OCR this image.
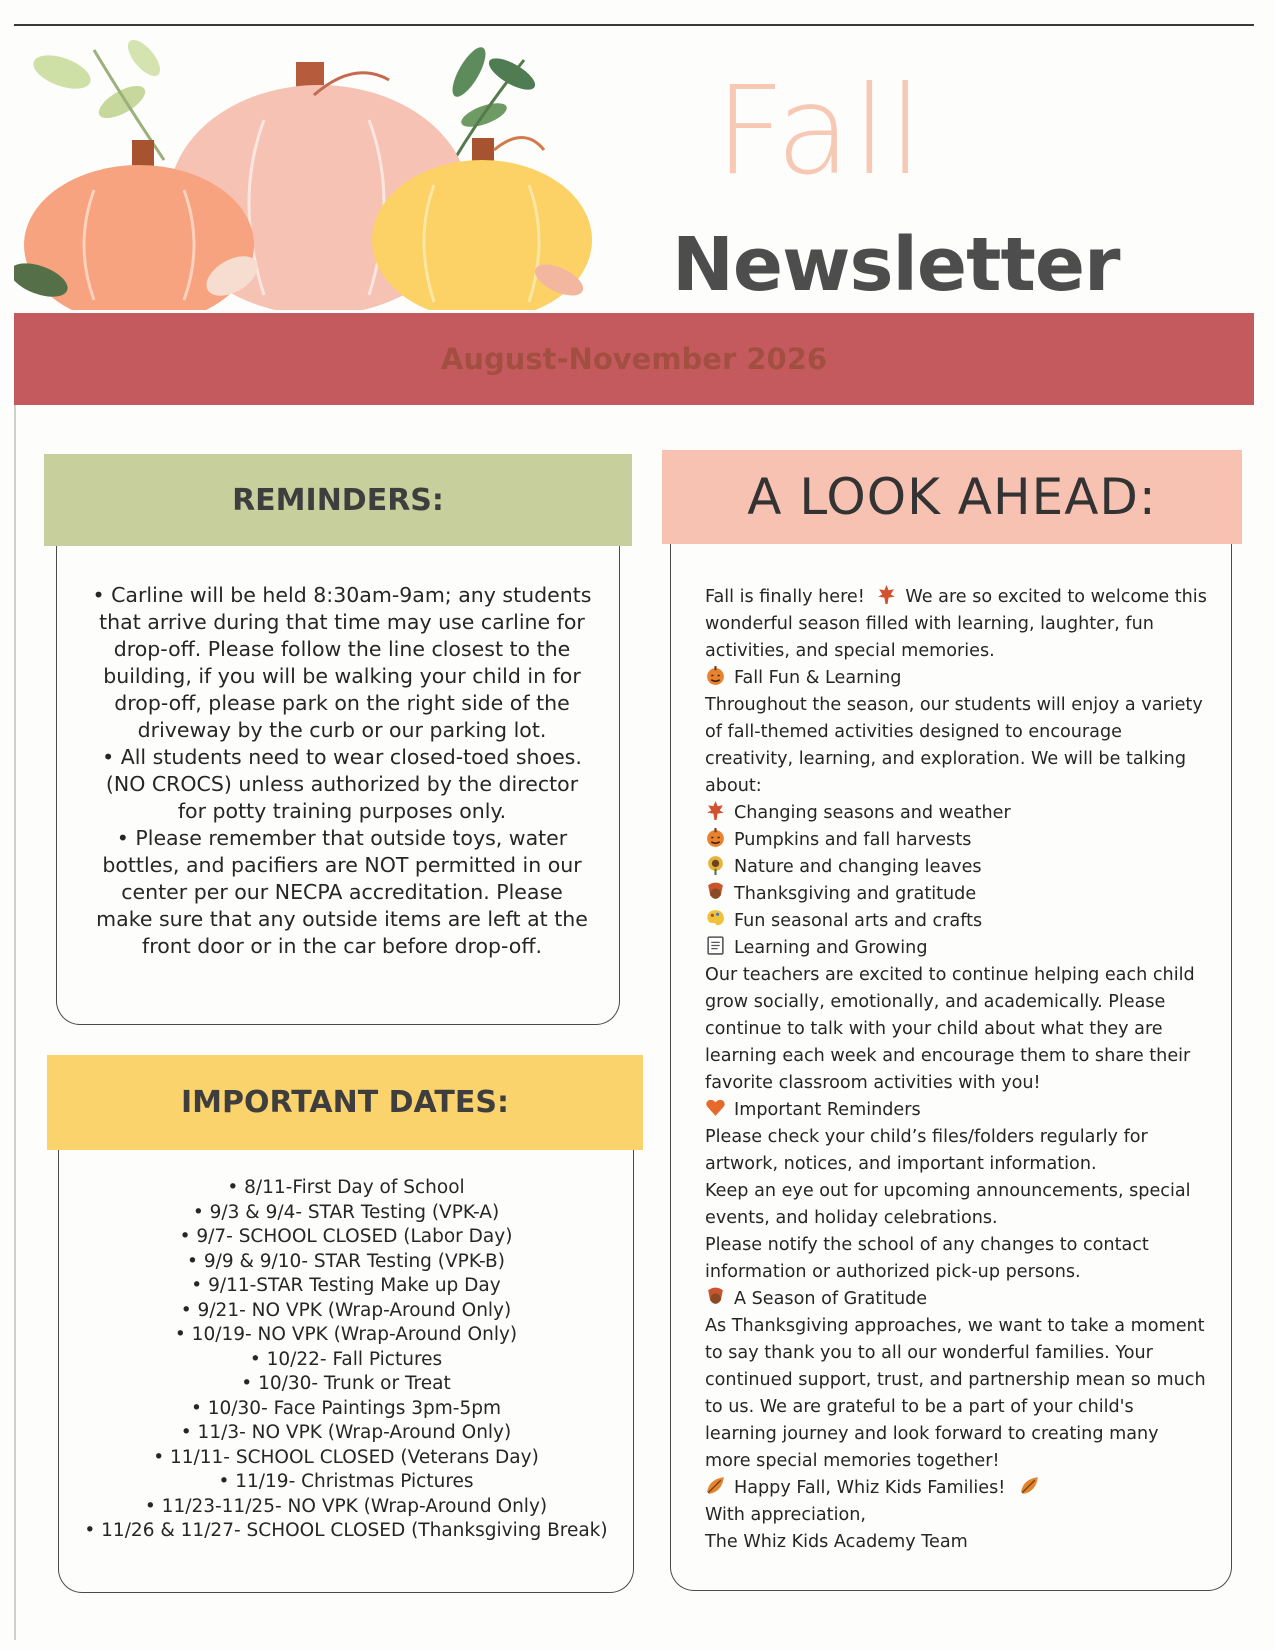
Fall
Newsletter
August-November 2026
REMINDERS:
• Carline will be held 8:30am-9am; any students that arrive during that time may use carline for drop-off. Please follow the line closest to the building, if you will be walking your child in for drop-off, please park on the right side of the driveway by the curb or our parking lot.
• All students need to wear closed-toed shoes. (NO CROCS) unless authorized by the director for potty training purposes only.
• Please remember that outside toys, water bottles, and pacifiers are NOT permitted in our center per our NECPA accreditation. Please make sure that any outside items are left at the front door or in the car before drop-off.
IMPORTANT DATES:
• 8/11-First Day of School
• 9/3 & 9/4- STAR Testing (VPK-A)
• 9/7- SCHOOL CLOSED (Labor Day)
• 9/9 & 9/10- STAR Testing (VPK-B)
• 9/11-STAR Testing Make up Day
• 9/21- NO VPK (Wrap-Around Only)
• 10/19- NO VPK (Wrap-Around Only)
• 10/22- Fall Pictures
• 10/30- Trunk or Treat
• 10/30- Face Paintings 3pm-5pm
• 11/3- NO VPK (Wrap-Around Only)
• 11/11- SCHOOL CLOSED (Veterans Day)
• 11/19- Christmas Pictures
• 11/23-11/25- NO VPK (Wrap-Around Only)
• 11/26 & 11/27- SCHOOL CLOSED (Thanksgiving Break)
A LOOK AHEAD:

Fall is finally here! We are so excited to welcome this wonderful season filled with learning, laughter, fun activities, and special memories.

Fall Fun & Learning

Throughout the season, our students will enjoy a variety of fall-themed activities designed to encourage creativity, learning, and exploration. We will be talking about:

Changing seasons and weather

Pumpkins and fall harvests

Nature and changing leaves

Thanksgiving and gratitude

Fun seasonal arts and crafts

Learning and Growing

Our teachers are excited to continue helping each child grow socially, emotionally, and academically. Please continue to talk with your child about what they are learning each week and encourage them to share their favorite classroom activities with you!

Important Reminders

Please check your child’s files/folders regularly for artwork, notices, and important information.

Keep an eye out for upcoming announcements, special events, and holiday celebrations.

Please notify the school of any changes to contact information or authorized pick-up persons.

A Season of Gratitude

As Thanksgiving approaches, we want to take a moment to say thank you to all our wonderful families. Your continued support, trust, and partnership mean so much to us. We are grateful to be a part of your child's learning journey and look forward to creating many more special memories together!

Happy Fall, Whiz Kids Families!

With appreciation,

The Whiz Kids Academy Team
